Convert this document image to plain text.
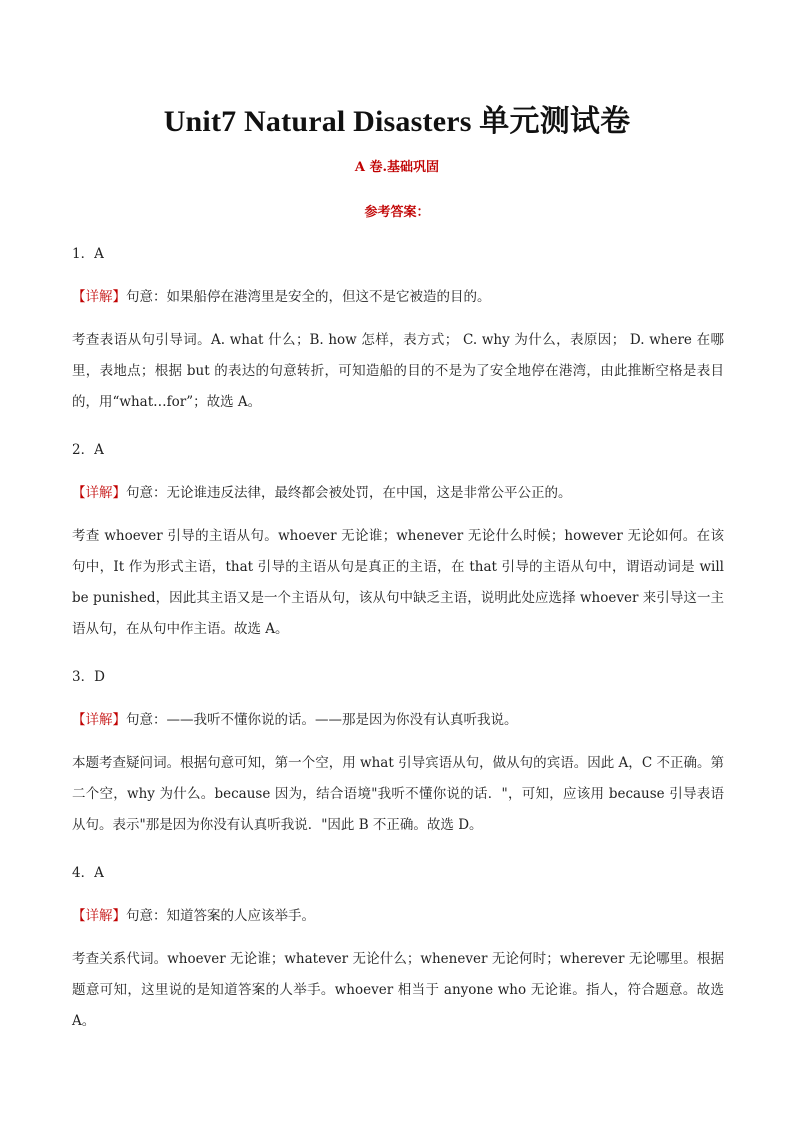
Unit7 Natural Disasters 单元测试卷
A 卷.基础巩固
参考答案：

1．A

【详解】句意：如果船停在港湾里是安全的，但这不是它被造的目的。

考查表语从句引导词。A. what 什么；B. how 怎样，表方式； C. why 为什么，表原因； D. where 在哪里，表地点；根据 but 的表达的句意转折，可知造船的目的不是为了安全地停在港湾，由此推断空格是表目的，用“what…for”；故选 A。

2．A

【详解】句意：无论谁违反法律，最终都会被处罚，在中国，这是非常公平公正的。

考查 whoever 引导的主语从句。whoever 无论谁；whenever 无论什么时候；however 无论如何。在该句中，It 作为形式主语，that 引导的主语从句是真正的主语，在 that 引导的主语从句中，谓语动词是 will be punished，因此其主语又是一个主语从句，该从句中缺乏主语，说明此处应选择 whoever 来引导这一主语从句，在从句中作主语。故选 A。

3．D

【详解】句意：——我听不懂你说的话。——那是因为你没有认真听我说。

本题考查疑问词。根据句意可知，第一个空，用 what 引导宾语从句，做从句的宾语。因此 A，C 不正确。第二个空，why 为什么。because 因为，结合语境"我听不懂你说的话．"，可知，应该用 because 引导表语从句。表示"那是因为你没有认真听我说．"因此 B 不正确。故选 D。

4．A

【详解】句意：知道答案的人应该举手。

考查关系代词。whoever 无论谁；whatever 无论什么；whenever 无论何时；wherever 无论哪里。根据题意可知，这里说的是知道答案的人举手。whoever 相当于 anyone who 无论谁。指人，符合题意。故选 A。
